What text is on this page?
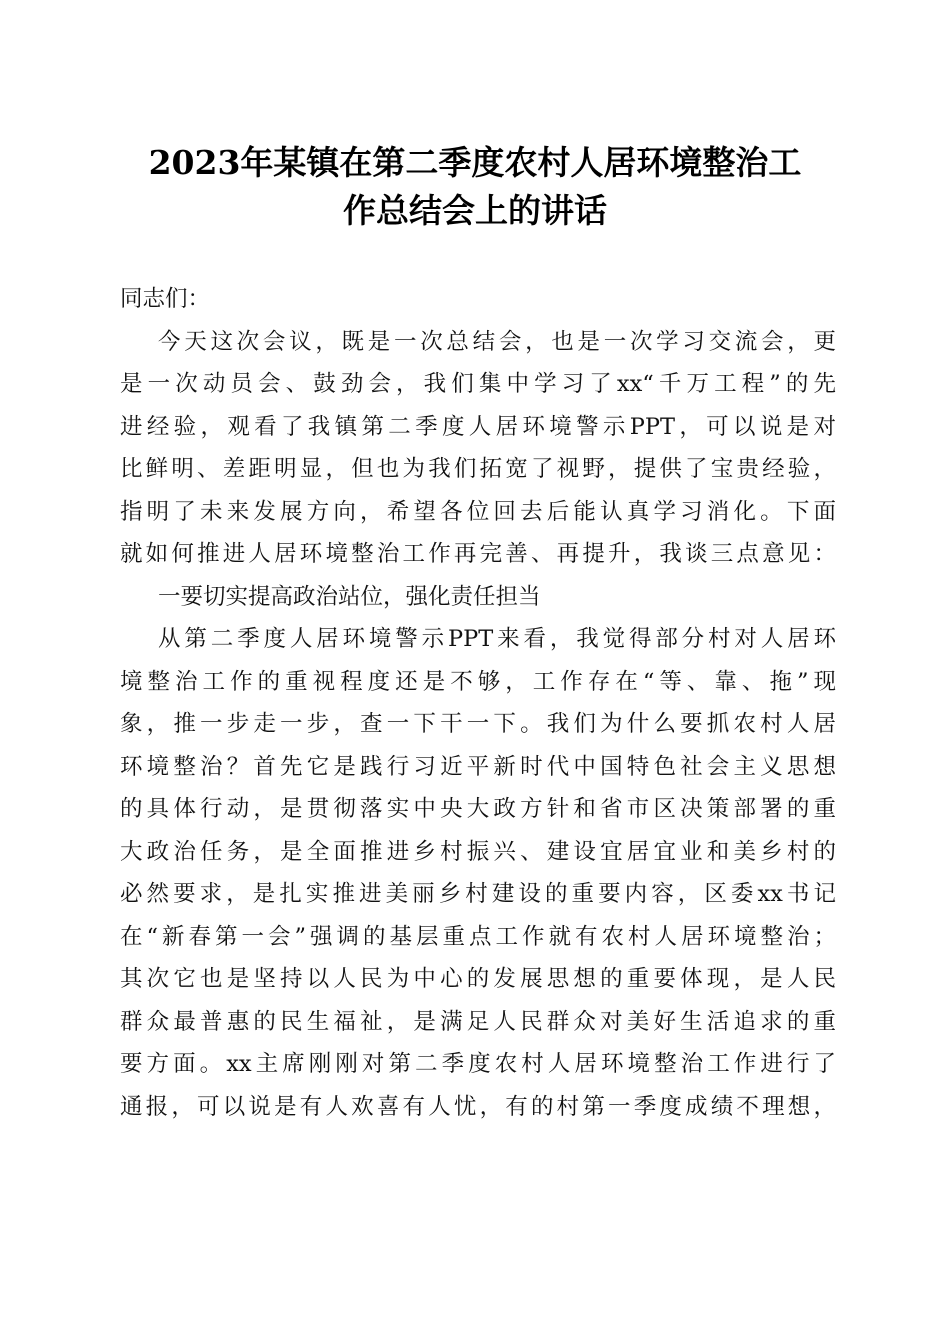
2023年某镇在第二季度农村人居环境整治工
作总结会上的讲话
同志们：
今天这次会议，既是一次总结会，也是一次学习交流会，更
是一次动员会、鼓劲会，我们集中学习了xx“千万工程”的先
进经验，观看了我镇第二季度人居环境警示PPT，可以说是对
比鲜明、差距明显，但也为我们拓宽了视野，提供了宝贵经验，
指明了未来发展方向，希望各位回去后能认真学习消化。下面
就如何推进人居环境整治工作再完善、再提升，我谈三点意见：
一要切实提高政治站位，强化责任担当
从第二季度人居环境警示PPT来看，我觉得部分村对人居环
境整治工作的重视程度还是不够，工作存在“等、靠、拖”现
象，推一步走一步，查一下干一下。我们为什么要抓农村人居
环境整治？首先它是践行习近平新时代中国特色社会主义思想
的具体行动，是贯彻落实中央大政方针和省市区决策部署的重
大政治任务，是全面推进乡村振兴、建设宜居宜业和美乡村的
必然要求，是扎实推进美丽乡村建设的重要内容，区委xx书记
在“新春第一会”强调的基层重点工作就有农村人居环境整治；
其次它也是坚持以人民为中心的发展思想的重要体现，是人民
群众最普惠的民生福祉，是满足人民群众对美好生活追求的重
要方面。xx主席刚刚对第二季度农村人居环境整治工作进行了
通报，可以说是有人欢喜有人忧，有的村第一季度成绩不理想，
